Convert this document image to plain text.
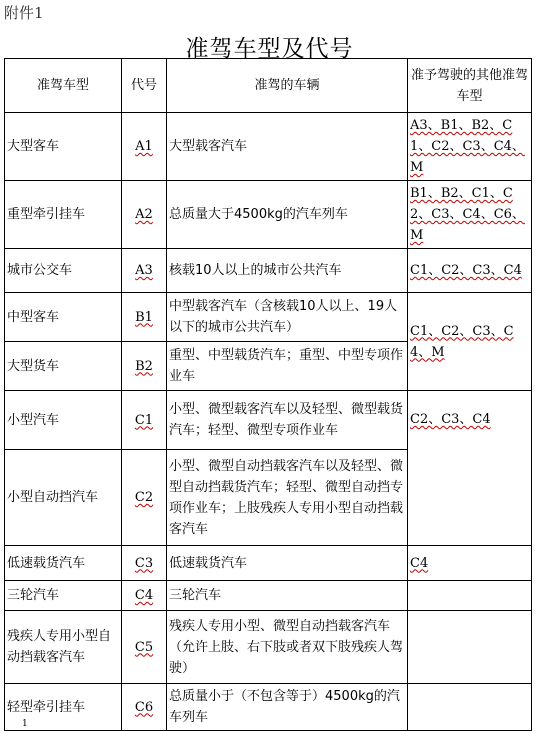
附件1
准驾车型及代号
准驾车型	代号	准驾的车辆	准予驾驶的其他准驾车型
大型客车	A1	大型载客汽车	A3、B1、B2、C1、C2、C3、C4、M
重型牵引挂车	A2	总质量大于4500kg的汽车列车	B1、B2、C1、C2、C3、C4、C6、M
城市公交车	A3	核载10人以上的城市公共汽车	C1、C2、C3、C4
中型客车	B1	中型载客汽车（含核载10人以上、19人以下的城市公共汽车）	C1、C2、C3、C4、M
大型货车	B2	重型、中型载货汽车；重型、中型专项作业车	
小型汽车	C1	小型、微型载客汽车以及轻型、微型载货汽车；轻型、微型专项作业车	C2、C3、C4
小型自动挡汽车	C2	小型、微型自动挡载客汽车以及轻型、微型自动挡载货汽车；轻型、微型自动挡专项作业车；上肢残疾人专用小型自动挡载客汽车	
低速载货汽车	C3	低速载货汽车	C4
三轮汽车	C4	三轮汽车	
残疾人专用小型自动挡载客汽车	C5	残疾人专用小型、微型自动挡载客汽车（允许上肢、右下肢或者双下肢残疾人驾驶）	
轻型牵引挂车	C6	总质量小于（不包含等于）4500kg的汽车列车	
1
